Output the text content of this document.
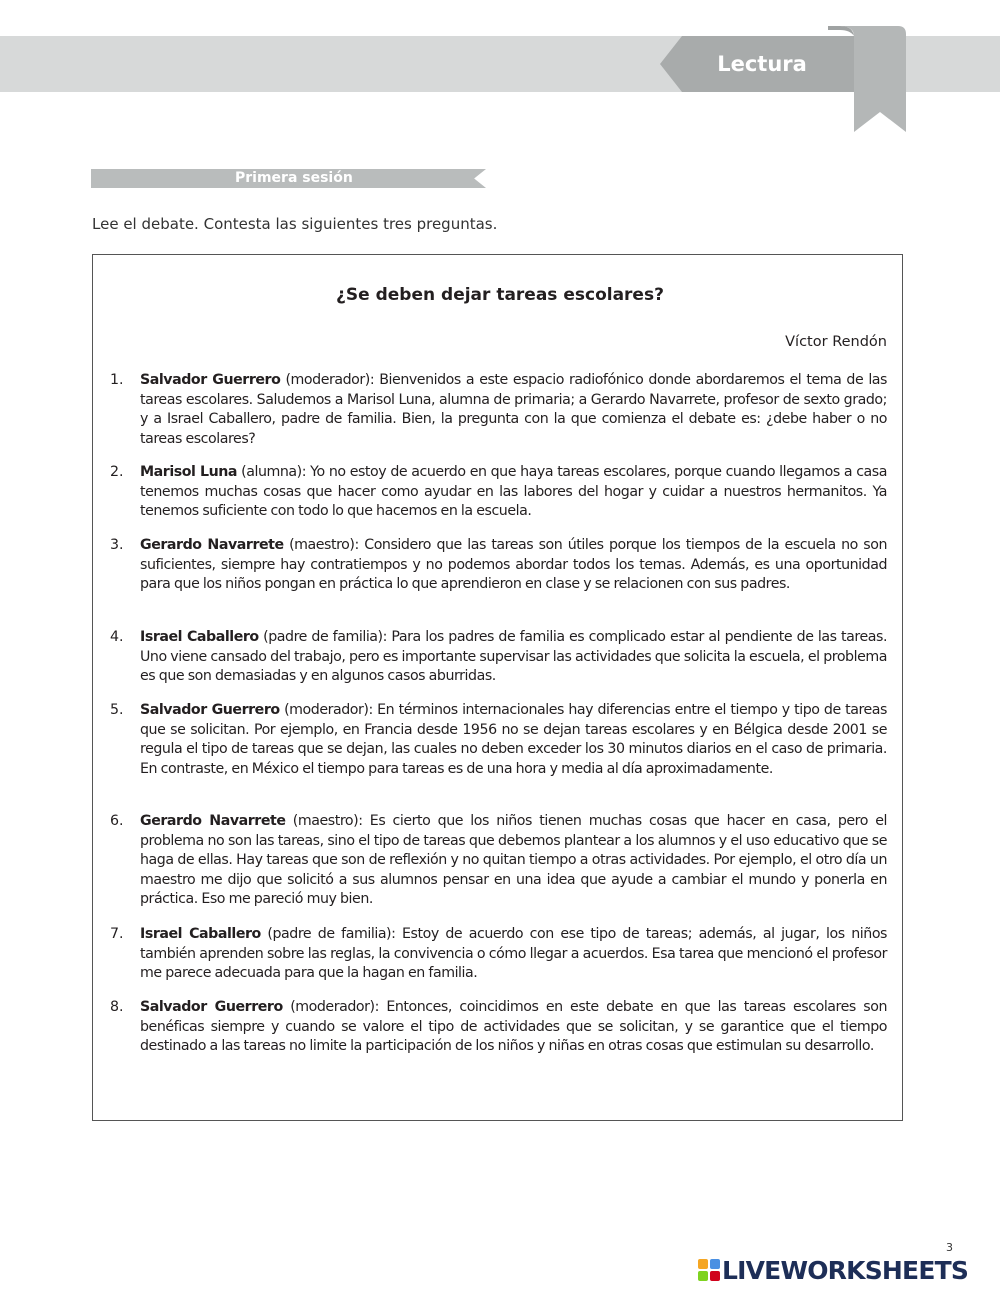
Lectura
Primera sesión
Lee el debate. Contesta las siguientes tres preguntas.
¿Se deben dejar tareas escolares?
Víctor Rendón
1.	Salvador Guerrero (moderador): Bienvenidos a este espacio radiofónico donde abordaremos el tema de las tareas escolares. Saludemos a Marisol Luna, alumna de primaria; a Gerardo Navarrete, profesor de sexto grado; y a Israel Caballero, padre de familia. Bien, la pregunta con la que comienza el debate es: ¿debe haber o no tareas escolares?
2.	Marisol Luna (alumna): Yo no estoy de acuerdo en que haya tareas escolares, porque cuando llegamos a casa tenemos muchas cosas que hacer como ayudar en las labores del hogar y cuidar a nuestros hermanitos. Ya tenemos suficiente con todo lo que hacemos en la escuela.
3.	Gerardo Navarrete (maestro): Considero que las tareas son útiles porque los tiempos de la escuela no son suficientes, siempre hay contratiempos y no podemos abordar todos los temas. Además, es una oportunidad para que los niños pongan en práctica lo que aprendieron en clase y se relacionen con sus padres.
4.	Israel Caballero (padre de familia): Para los padres de familia es complicado estar al pendiente de las tareas. Uno viene cansado del trabajo, pero es importante supervisar las actividades que solicita la escuela, el problema es que son demasiadas y en algunos casos aburridas.
5.	Salvador Guerrero (moderador): En términos internacionales hay diferencias entre el tiempo y tipo de tareas que se solicitan. Por ejemplo, en Francia desde 1956 no se dejan tareas escolares y en Bélgica desde 2001 se regula el tipo de tareas que se dejan, las cuales no deben exceder los 30 minutos diarios en el caso de primaria. En contraste, en México el tiempo para tareas es de una hora y media al día aproximadamente.
6.	Gerardo Navarrete (maestro): Es cierto que los niños tienen muchas cosas que hacer en casa, pero el problema no son las tareas, sino el tipo de tareas que debemos plantear a los alumnos y el uso educativo que se haga de ellas. Hay tareas que son de reflexión y no quitan tiempo a otras actividades. Por ejemplo, el otro día un maestro me dijo que solicitó a sus alumnos pensar en una idea que ayude a cambiar el mundo y ponerla en práctica. Eso me pareció muy bien.
7.	Israel Caballero (padre de familia): Estoy de acuerdo con ese tipo de tareas; además, al jugar, los niños también aprenden sobre las reglas, la convivencia o cómo llegar a acuerdos. Esa tarea que mencionó el profesor me parece adecuada para que la hagan en familia.
8.	Salvador Guerrero (moderador): Entonces, coincidimos en este debate en que las tareas escolares son benéficas siempre y cuando se valore el tipo de actividades que se solicitan, y se garantice que el tiempo destinado a las tareas no limite la participación de los niños y niñas en otras cosas que estimulan su desarrollo.
3
LIVEWORKSHEETS
